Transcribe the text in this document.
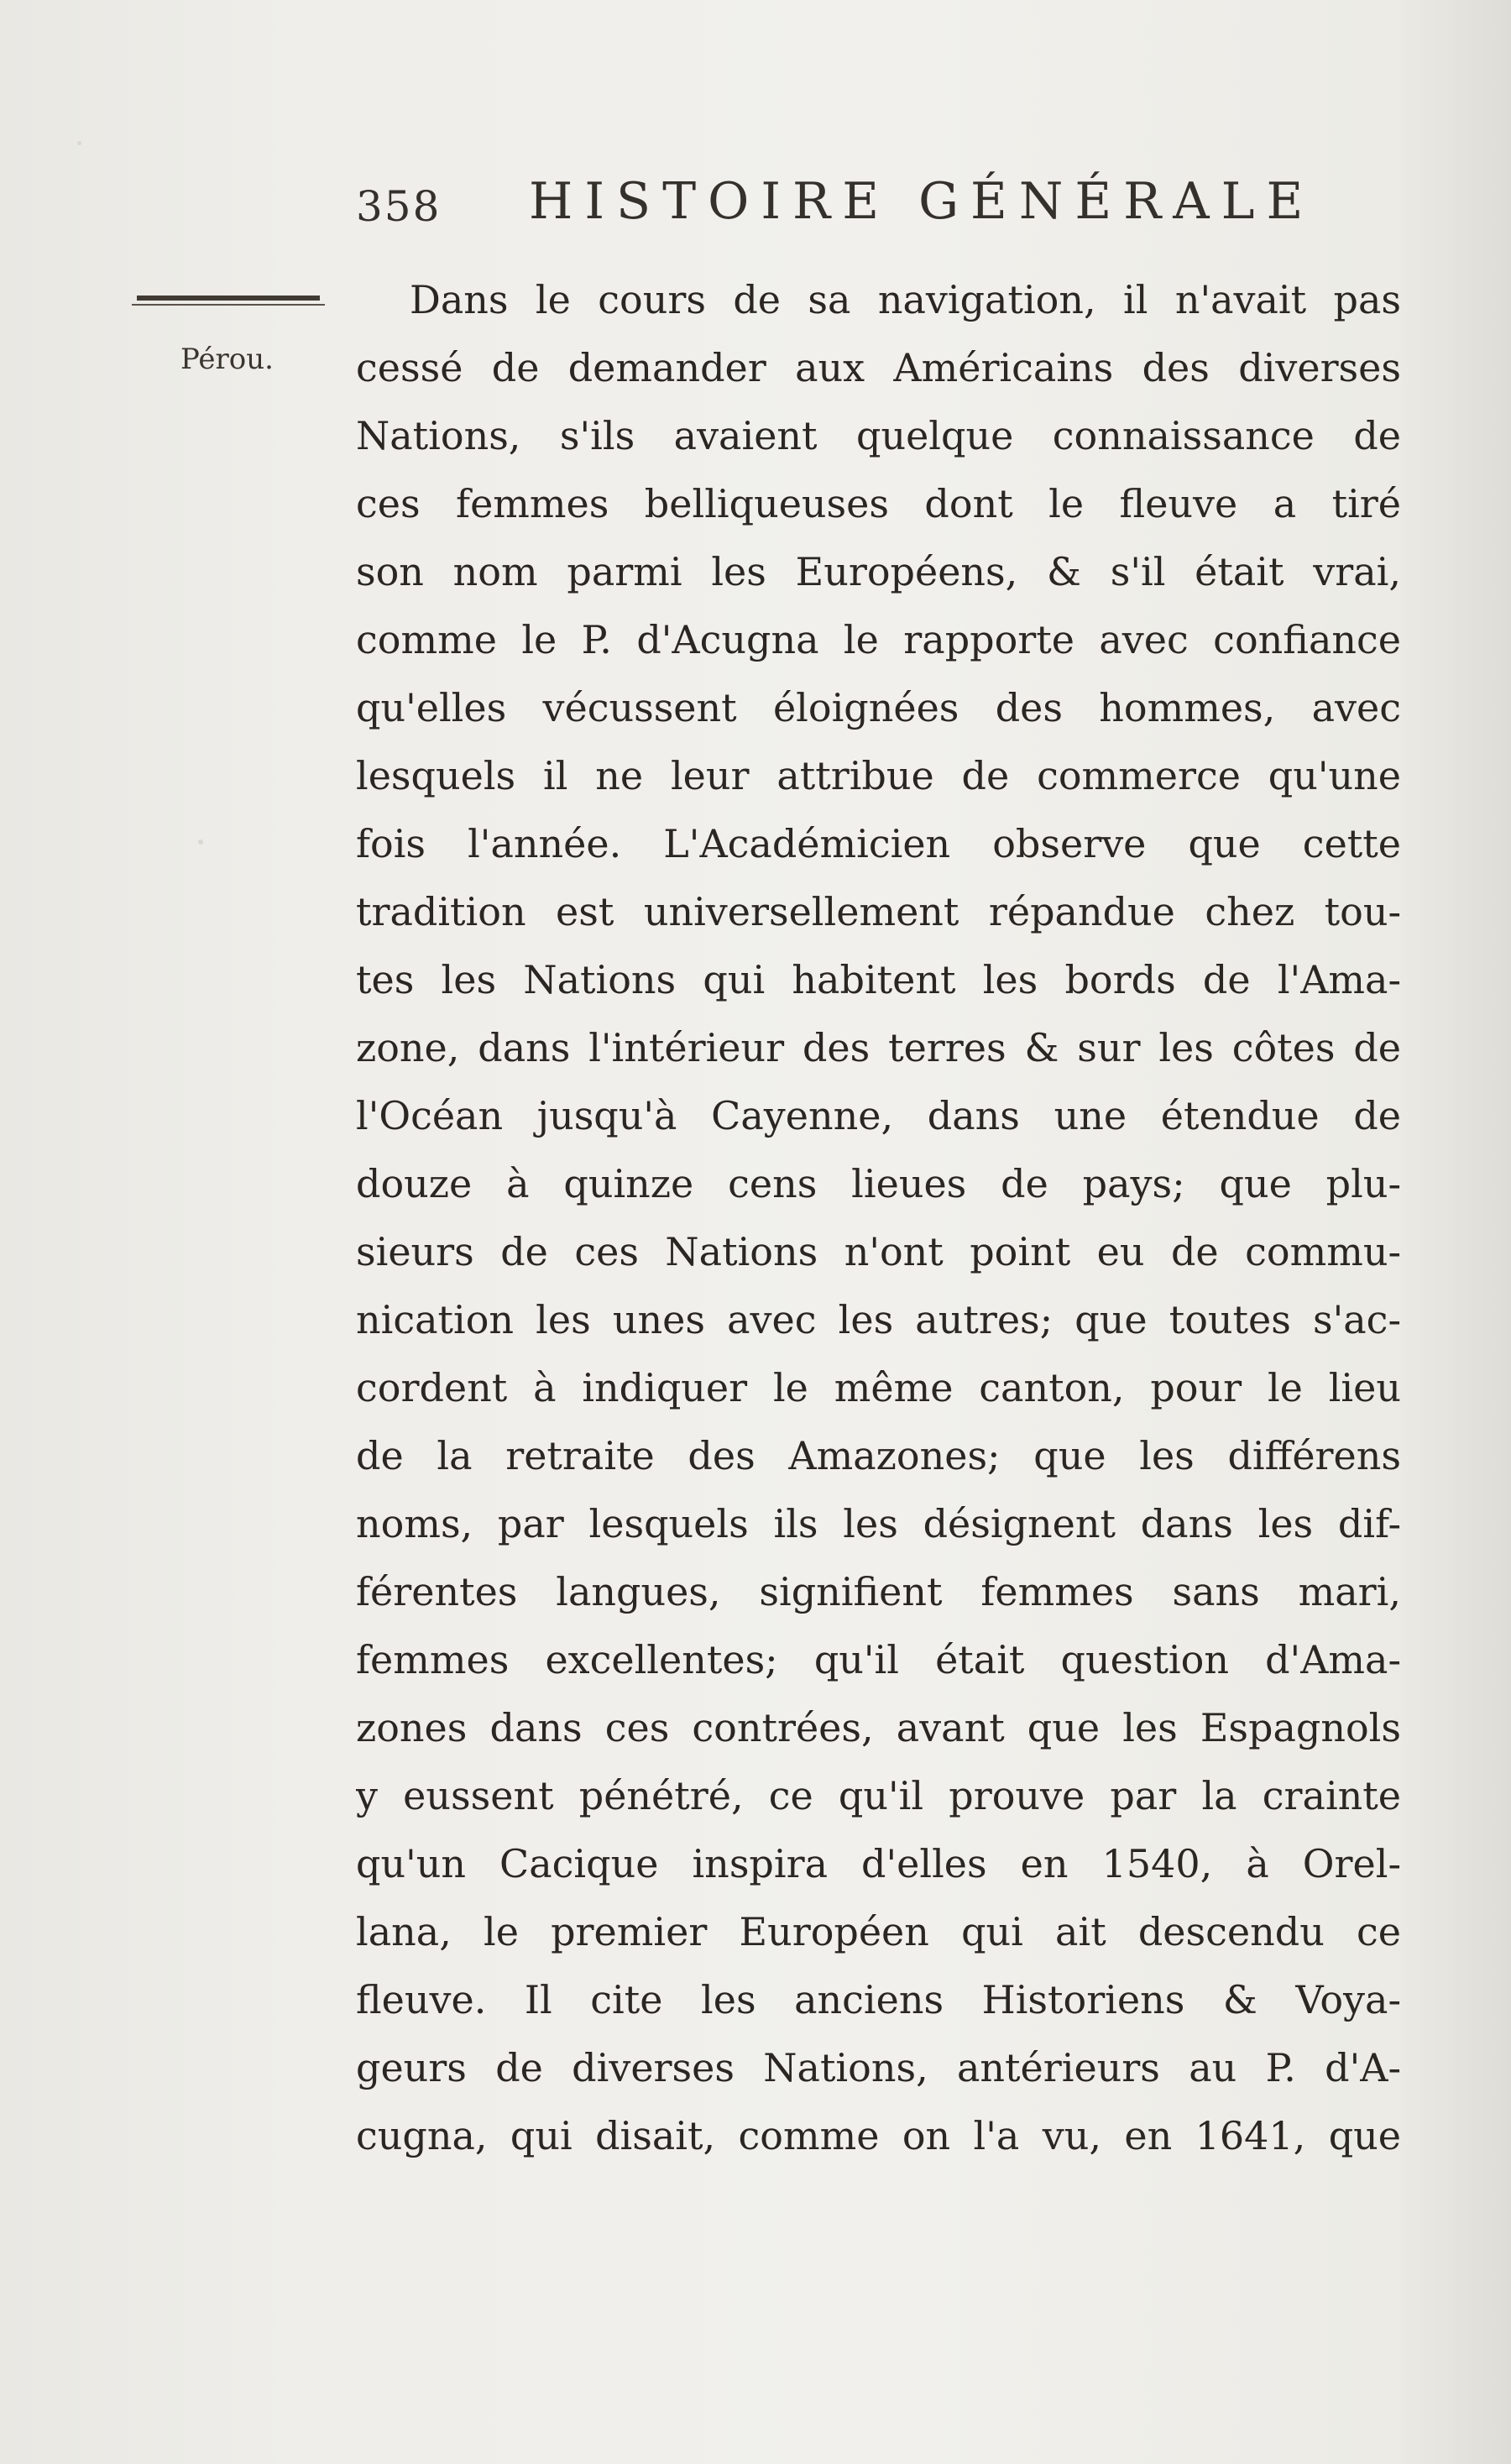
358 HISTOIRE GÉNÉRALE
Pérou.
Dans le cours de sa navigation, il n'avait pas
cessé de demander aux Américains des diverses
Nations, s'ils avaient quelque connaissance de
ces femmes belliqueuses dont le fleuve a tiré
son nom parmi les Européens, & s'il était vrai,
comme le P. d'Acugna le rapporte avec confiance
qu'elles vécussent éloignées des hommes, avec
lesquels il ne leur attribue de commerce qu'une
fois l'année. L'Académicien observe que cette
tradition est universellement répandue chez tou-
tes les Nations qui habitent les bords de l'Ama-
zone, dans l'intérieur des terres & sur les côtes de
l'Océan jusqu'à Cayenne, dans une étendue de
douze à quinze cens lieues de pays; que plu-
sieurs de ces Nations n'ont point eu de commu-
nication les unes avec les autres; que toutes s'ac-
cordent à indiquer le même canton, pour le lieu
de la retraite des Amazones; que les différens
noms, par lesquels ils les désignent dans les dif-
férentes langues, signifient femmes sans mari,
femmes excellentes; qu'il était question d'Ama-
zones dans ces contrées, avant que les Espagnols
y eussent pénétré, ce qu'il prouve par la crainte
qu'un Cacique inspira d'elles en 1540, à Orel-
lana, le premier Européen qui ait descendu ce
fleuve. Il cite les anciens Historiens & Voya-
geurs de diverses Nations, antérieurs au P. d'A-
cugna, qui disait, comme on l'a vu, en 1641, que
